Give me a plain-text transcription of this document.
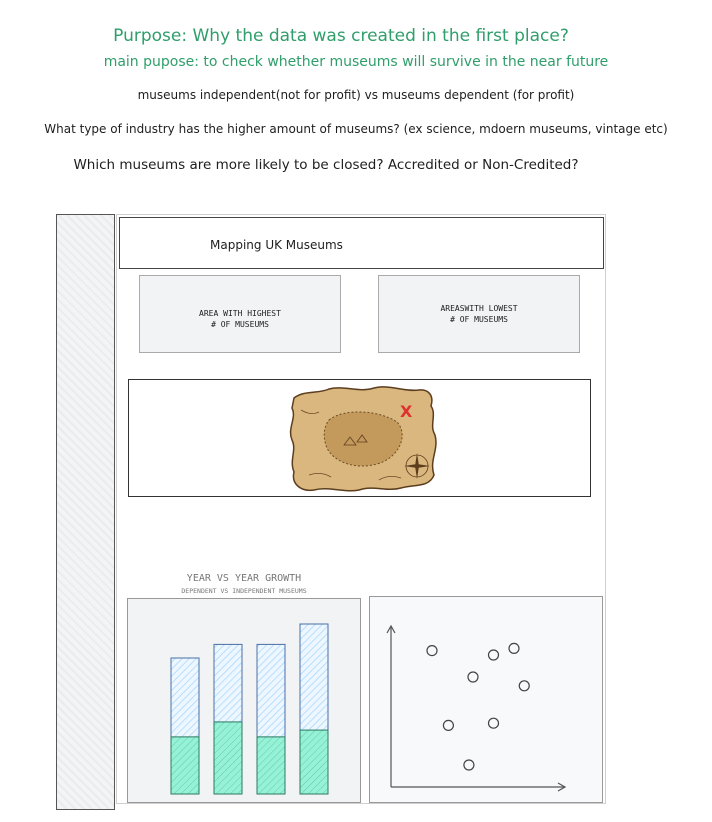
Purpose: Why the data was created in the first place?
main pupose: to check whether museums will survive in the near future
museums independent(not for profit) vs museums dependent (for profit)
What type of industry has the higher amount of museums? (ex science, mdoern museums, vintage etc)
Which museums are more likely to be closed? Accredited or Non-Credited?
Mapping UK Museums
AREA WITH HIGHEST
# OF MUSEUMS
AREASWITH LOWEST
# OF MUSEUMS
X
YEAR VS YEAR GROWTH
DEPENDENT VS INDEPENDENT MUSEUMS
